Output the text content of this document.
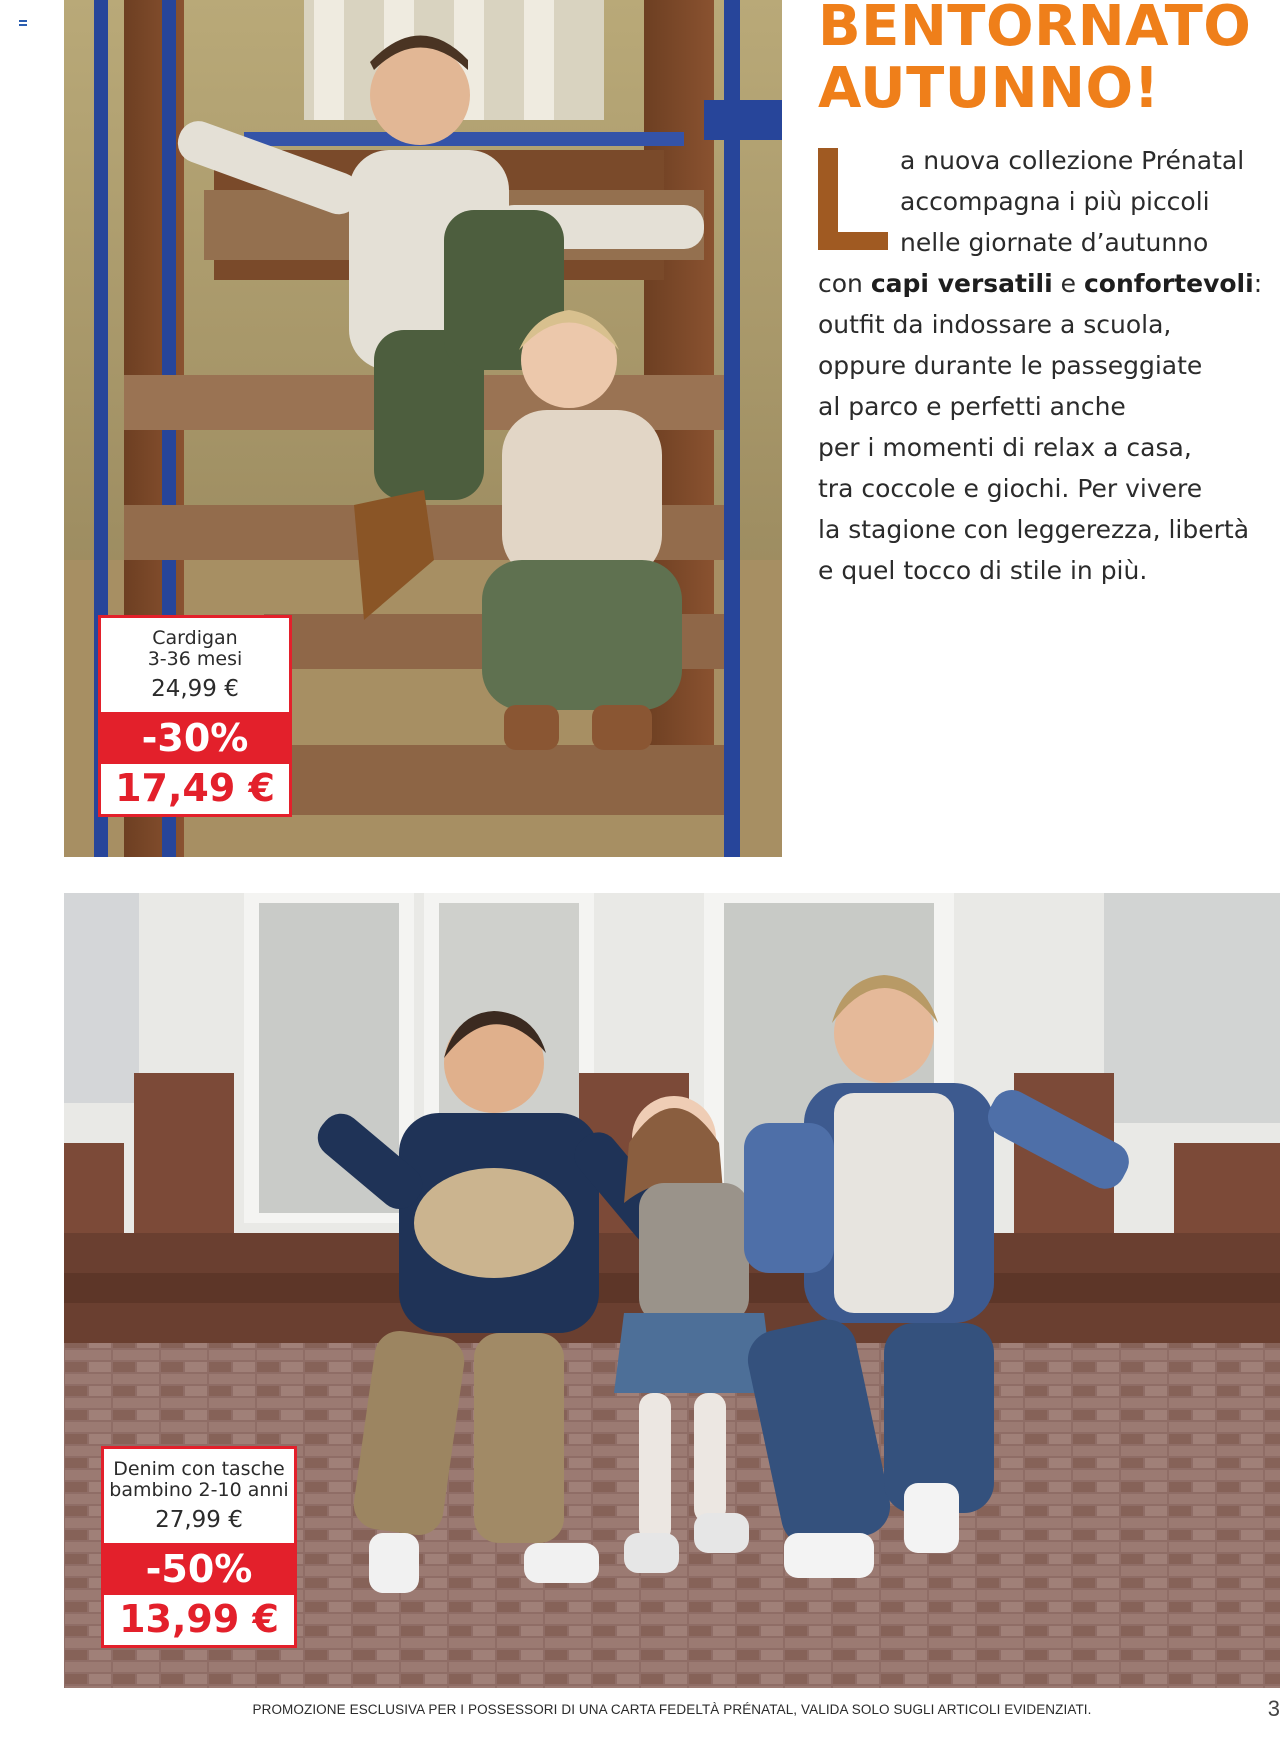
BENTORNATO
AUTUNNO!
a nuova collezione Prénatal
accompagna i più piccoli
nelle giornate d’autunno
con capi versatili e confortevoli:
outfit da indossare a scuola,
oppure durante le passeggiate
al parco e perfetti anche
per i momenti di relax a casa,
tra coccole e giochi. Per vivere
la stagione con leggerezza, libertà
e quel tocco di stile in più.
Cardigan
3-36 mesi
24,99 €
-30%
17,49 €
Denim con tasche
bambino 2-10 anni
27,99 €
-50%
13,99 €
PROMOZIONE ESCLUSIVA PER I POSSESSORI DI UNA CARTA FEDELTÀ PRÉNATAL, VALIDA SOLO SUGLI ARTICOLI EVIDENZIATI.	3
